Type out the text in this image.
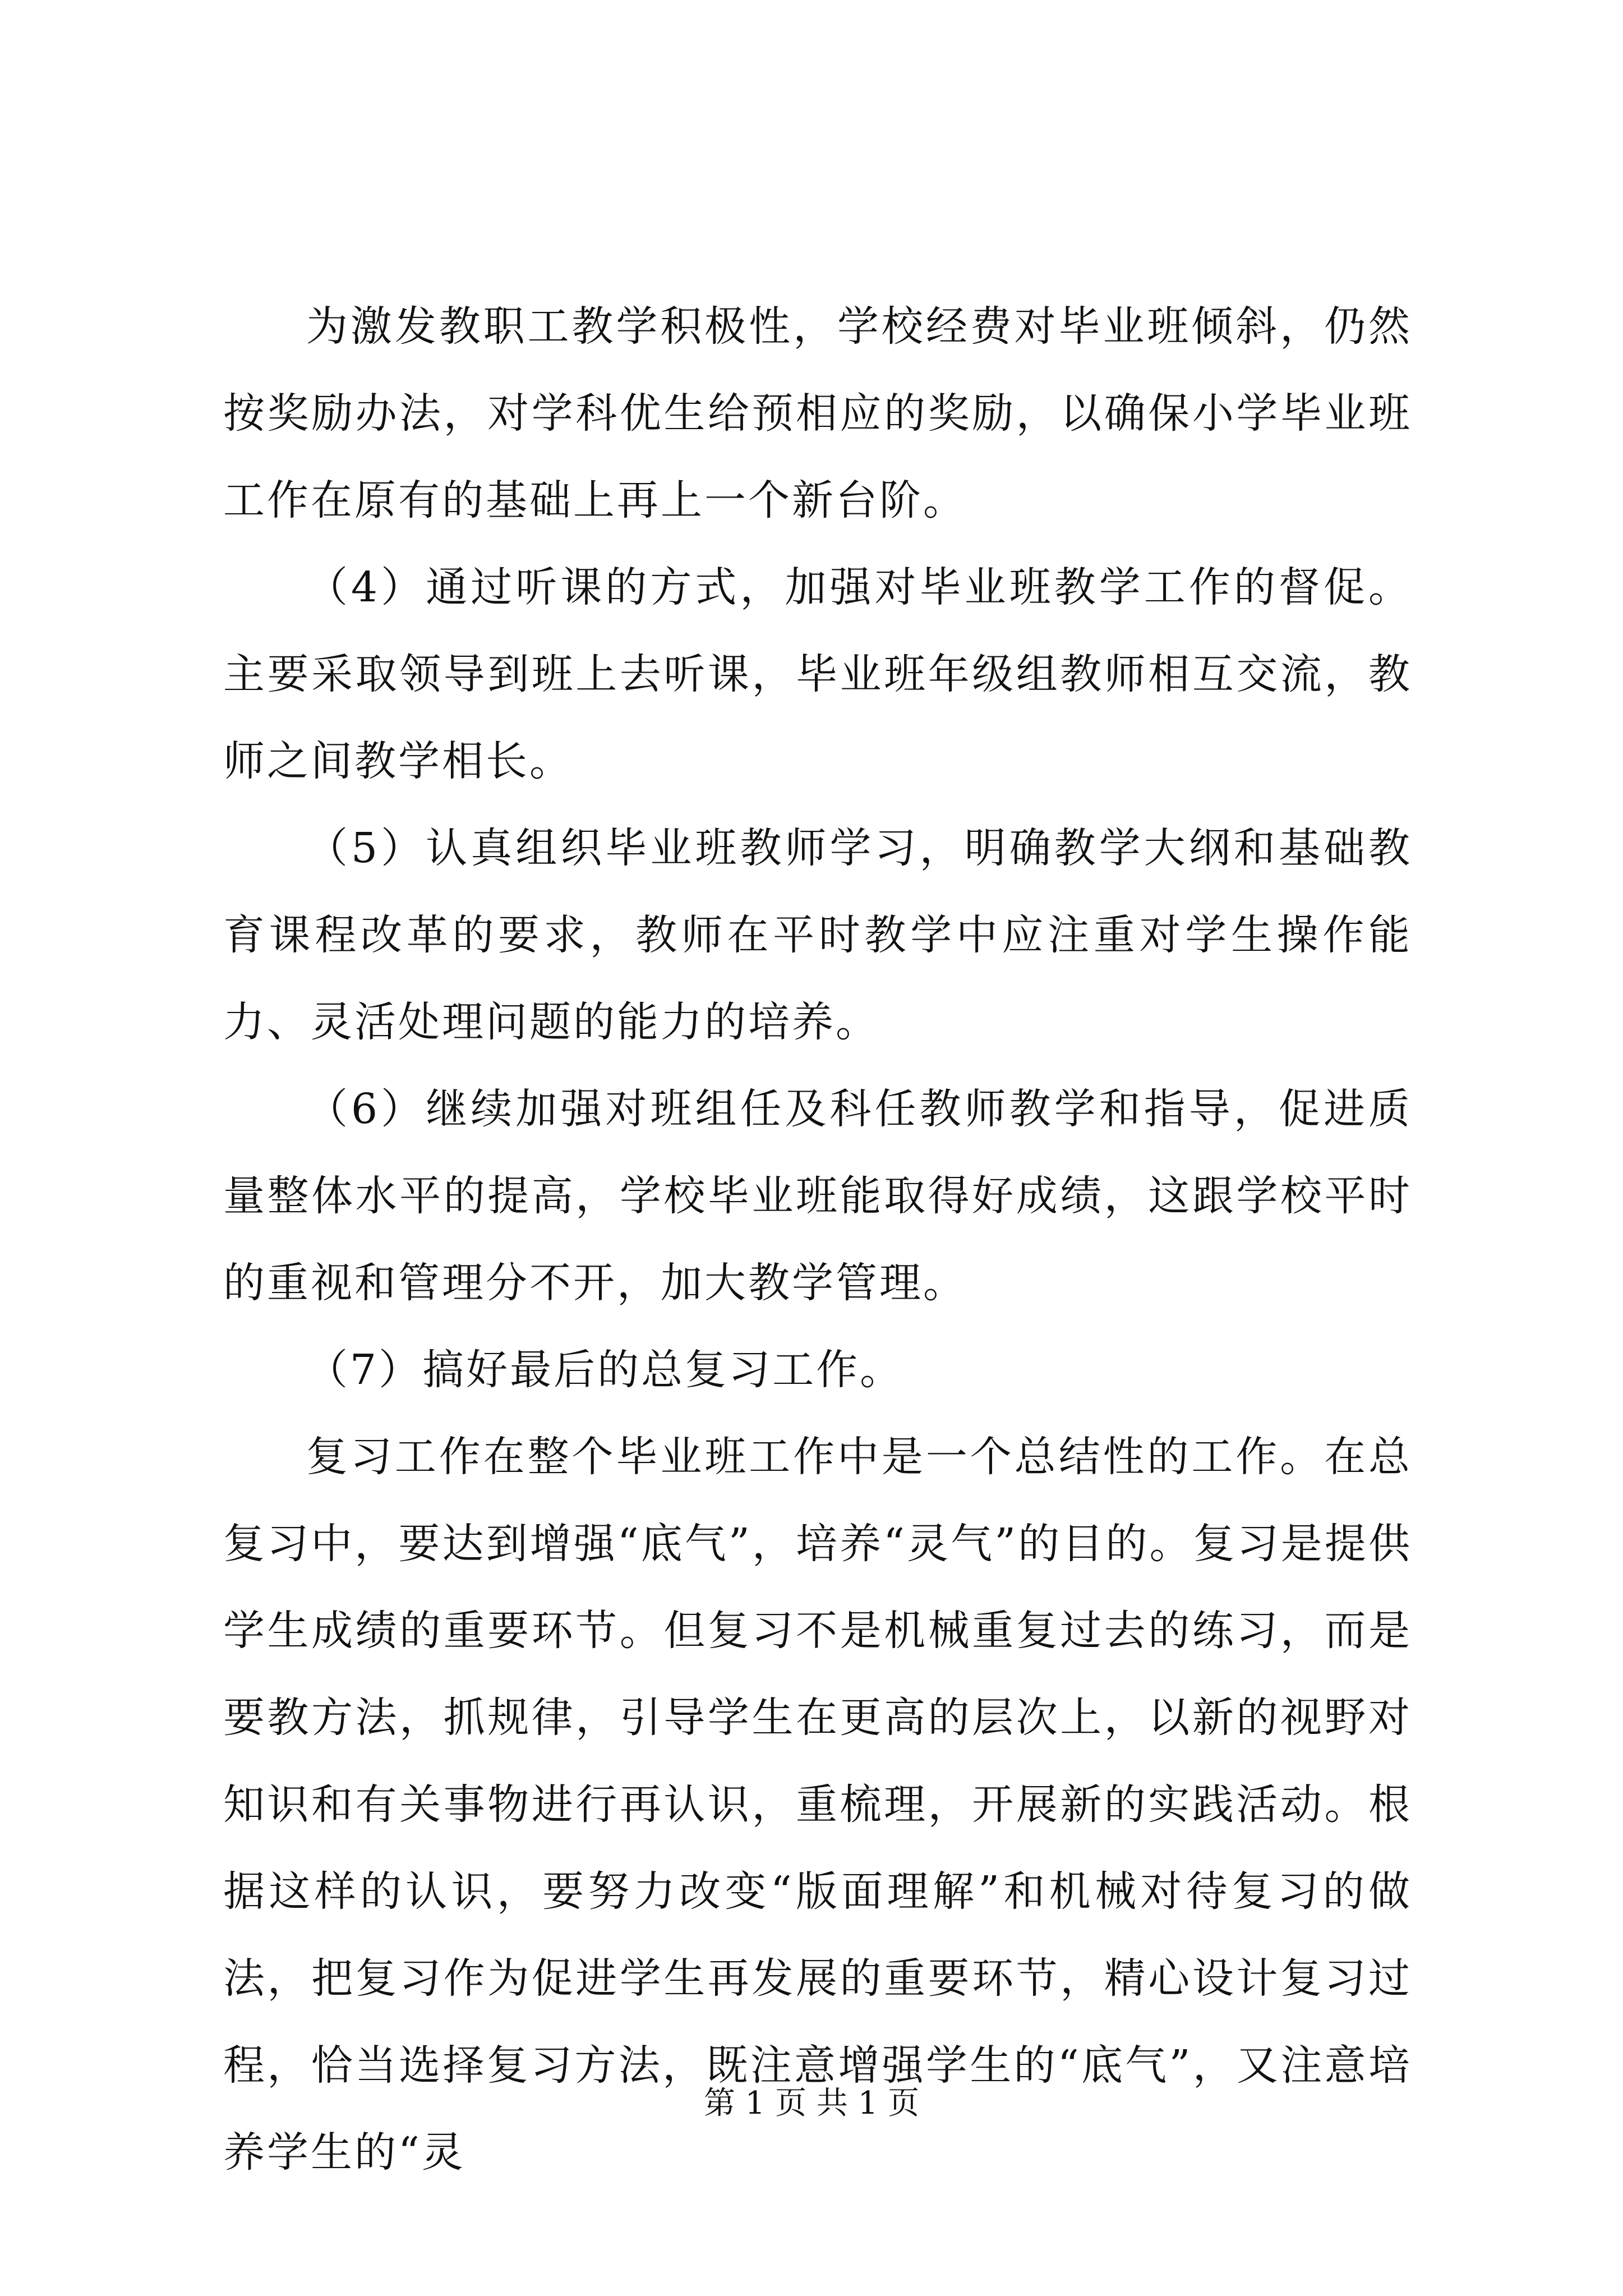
为激发教职工教学积极性，学校经费对毕业班倾斜，仍然按奖励办法，对学科优生给预相应的奖励，以确保小学毕业班工作在原有的基础上再上一个新台阶。

（4）通过听课的方式，加强对毕业班教学工作的督促。主要采取领导到班上去听课，毕业班年级组教师相互交流，教师之间教学相长。

（5）认真组织毕业班教师学习，明确教学大纲和基础教育课程改革的要求，教师在平时教学中应注重对学生操作能力、灵活处理问题的能力的培养。

（6）继续加强对班组任及科任教师教学和指导，促进质量整体水平的提高，学校毕业班能取得好成绩，这跟学校平时的重视和管理分不开，加大教学管理。

（7）搞好最后的总复习工作。

复习工作在整个毕业班工作中是一个总结性的工作。在总复习中，要达到增强“底气”，培养“灵气”的目的。复习是提供学生成绩的重要环节。但复习不是机械重复过去的练习，而是要教方法，抓规律，引导学生在更高的层次上，以新的视野对知识和有关事物进行再认识，重梳理，开展新的实践活动。根据这样的认识，要努力改变“版面理解”和机械对待复习的做法，把复习作为促进学生再发展的重要环节，精心设计复习过程，恰当选择复习方法，既注意增强学生的“底气”，又注意培养学生的“灵

第 1 页 共 1 页
